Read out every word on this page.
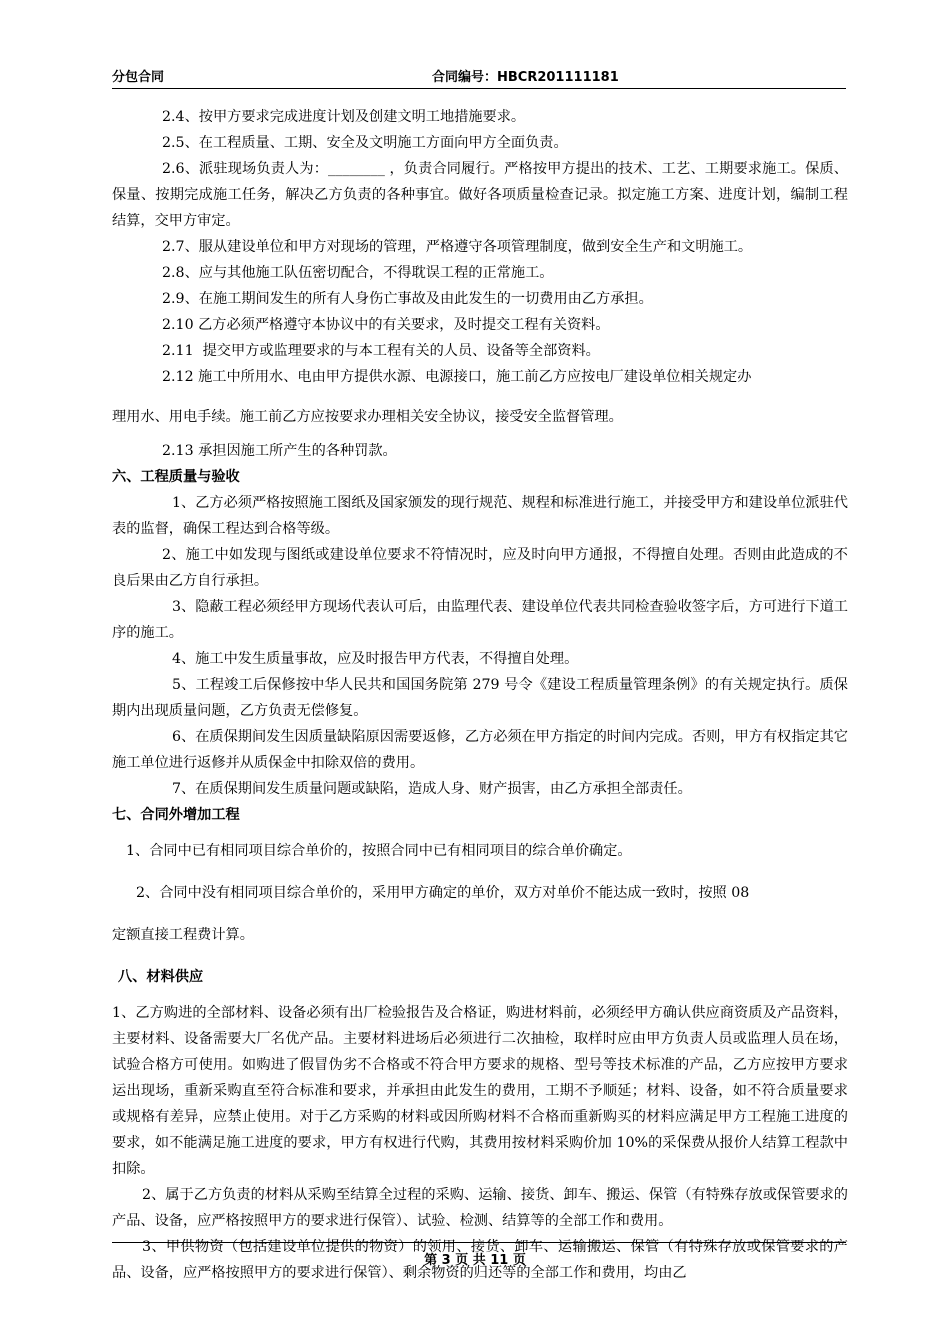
分包合同	合同编号：HBCR201111181

2.4、按甲方要求完成进度计划及创建文明工地措施要求。

2.5、在工程质量、工期、安全及文明施工方面向甲方全面负责。

2.6、派驻现场负责人为：________ ，负责合同履行。严格按甲方提出的技术、工艺、工期要求施工。保质、保量、按期完成施工任务，解决乙方负责的各种事宜。做好各项质量检查记录。拟定施工方案、进度计划，编制工程结算，交甲方审定。

2.7、服从建设单位和甲方对现场的管理，严格遵守各项管理制度，做到安全生产和文明施工。

2.8、应与其他施工队伍密切配合，不得耽误工程的正常施工。

2.9、在施工期间发生的所有人身伤亡事故及由此发生的一切费用由乙方承担。

2.10 乙方必须严格遵守本协议中的有关要求，及时提交工程有关资料。

2.11  提交甲方或监理要求的与本工程有关的人员、设备等全部资料。

2.12 施工中所用水、电由甲方提供水源、电源接口，施工前乙方应按电厂建设单位相关规定办

理用水、用电手续。施工前乙方应按要求办理相关安全协议，接受安全监督管理。

2.13 承担因施工所产生的各种罚款。

六、工程质量与验收

1、乙方必须严格按照施工图纸及国家颁发的现行规范、规程和标准进行施工，并接受甲方和建设单位派驻代表的监督，确保工程达到合格等级。

2、施工中如发现与图纸或建设单位要求不符情况时，应及时向甲方通报，不得擅自处理。否则由此造成的不良后果由乙方自行承担。

3、隐蔽工程必须经甲方现场代表认可后，由监理代表、建设单位代表共同检查验收签字后，方可进行下道工序的施工。

4、施工中发生质量事故，应及时报告甲方代表，不得擅自处理。

5、工程竣工后保修按中华人民共和国国务院第 279 号令《建设工程质量管理条例》的有关规定执行。质保期内出现质量问题，乙方负责无偿修复。

6、在质保期间发生因质量缺陷原因需要返修，乙方必须在甲方指定的时间内完成。否则，甲方有权指定其它施工单位进行返修并从质保金中扣除双倍的费用。

7、在质保期间发生质量问题或缺陷，造成人身、财产损害，由乙方承担全部责任。

七、合同外增加工程

1、合同中已有相同项目综合单价的，按照合同中已有相同项目的综合单价确定。

2、合同中没有相同项目综合单价的，采用甲方确定的单价，双方对单价不能达成一致时，按照 08

定额直接工程费计算。

八、材料供应

1、乙方购进的全部材料、设备必须有出厂检验报告及合格证，购进材料前，必须经甲方确认供应商资质及产品资料，主要材料、设备需要大厂名优产品。主要材料进场后必须进行二次抽检，取样时应由甲方负责人员或监理人员在场，试验合格方可使用。如购进了假冒伪劣不合格或不符合甲方要求的规格、型号等技术标准的产品，乙方应按甲方要求运出现场，重新采购直至符合标准和要求，并承担由此发生的费用，工期不予顺延；材料、设备，如不符合质量要求或规格有差异，应禁止使用。对于乙方采购的材料或因所购材料不合格而重新购买的材料应满足甲方工程施工进度的要求，如不能满足施工进度的要求，甲方有权进行代购，其费用按材料采购价加 10%的采保费从报价人结算工程款中扣除。

2、属于乙方负责的材料从采购至结算全过程的采购、运输、接货、卸车、搬运、保管（有特殊存放或保管要求的产品、设备，应严格按照甲方的要求进行保管）、试验、检测、结算等的全部工作和费用。

3、甲供物资（包括建设单位提供的物资）的领用、接货、卸车、运输搬运、保管（有特殊存放或保管要求的产品、设备，应严格按照甲方的要求进行保管）、剩余物资的归还等的全部工作和费用，均由乙

第 3 页 共 11 页
